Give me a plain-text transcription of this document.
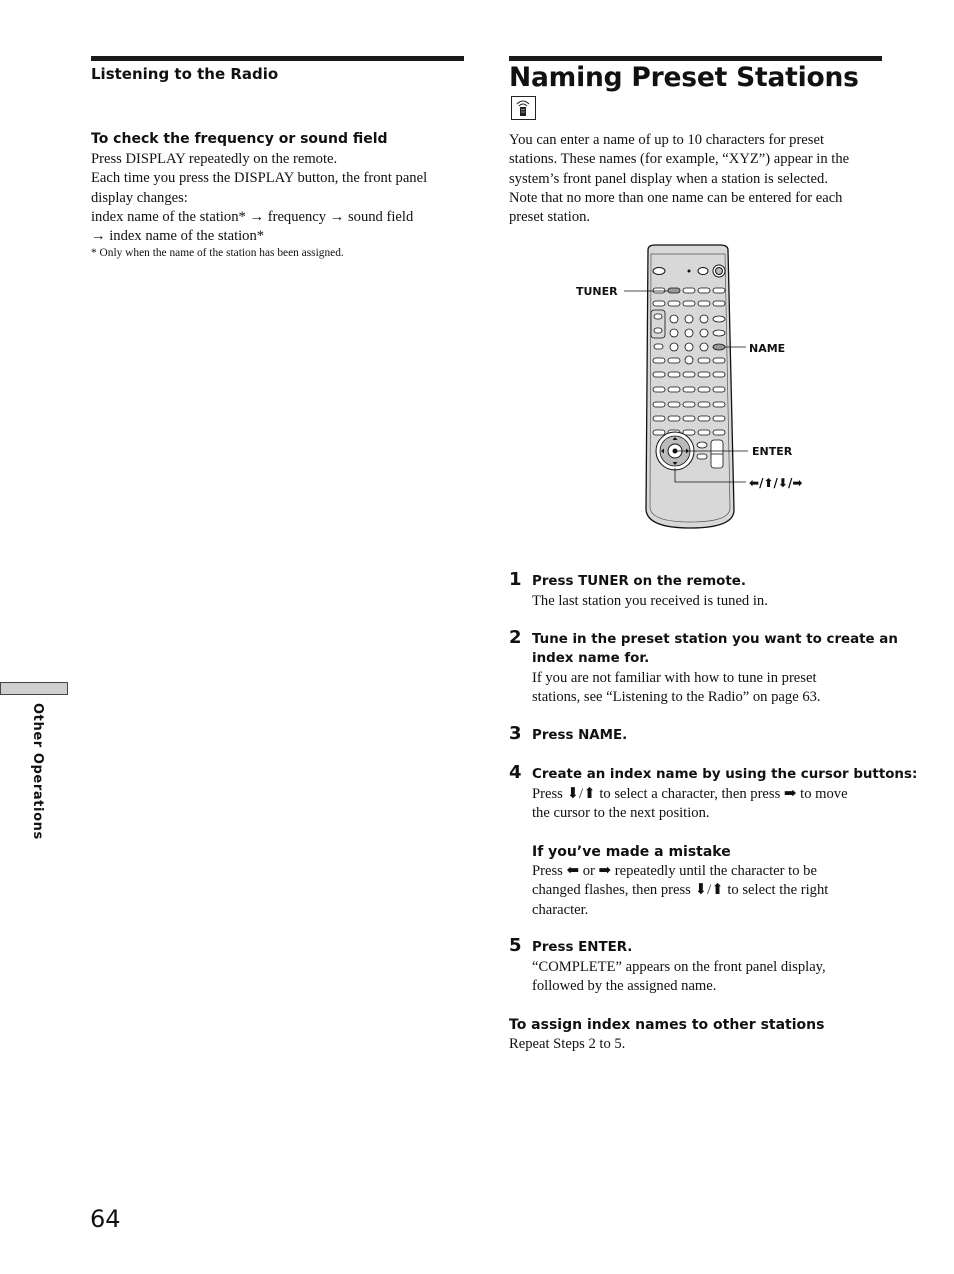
Listening to the Radio
To check the frequency or sound field
Press DISPLAY repeatedly on the remote.
Each time you press the DISPLAY button, the front panel
display changes:
index name of the station* → frequency → sound field
→ index name of the station*
* Only when the name of the station has been assigned.
Naming Preset Stations
You can enter a name of up to 10 characters for preset
stations. These names (for example, “XYZ”) appear in the
system’s front panel display when a station is selected.
Note that no more than one name can be entered for each
preset station.
TUNER
NAME
ENTER
⬅/⬆/⬇/➡
1 Press TUNER on the remote.
The last station you received is tuned in.
2 Tune in the preset station you want to create an
index name for.
If you are not familiar with how to tune in preset
stations, see “Listening to the Radio” on page 63.
3 Press NAME.
4 Create an index name by using the cursor buttons:
Press ⬇/⬆ to select a character, then press ➡ to move
the cursor to the next position.
If you’ve made a mistake
Press ⬅ or ➡ repeatedly until the character to be
changed flashes, then press ⬇/⬆ to select the right
character.
5 Press ENTER.
“COMPLETE” appears on the front panel display,
followed by the assigned name.
To assign index names to other stations
Repeat Steps 2 to 5.
Other Operations
64
